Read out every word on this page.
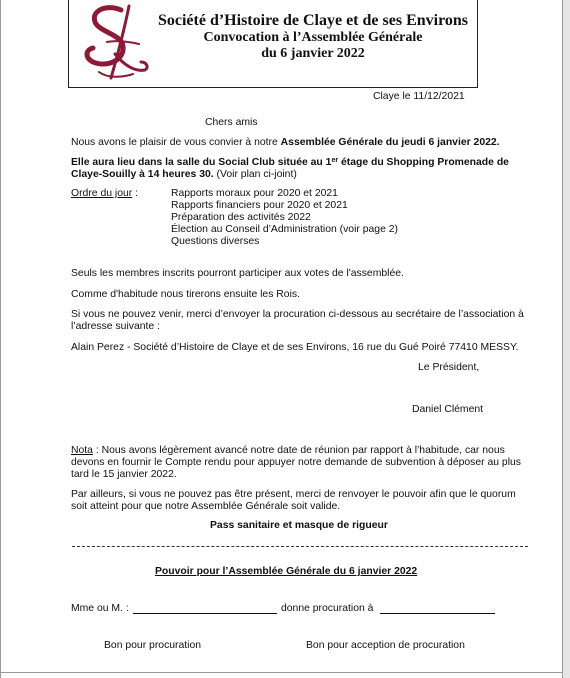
Société d’Histoire de Claye et de ses Environs
Convocation à l’Assemblée Générale
du 6 janvier 2022
Claye le 11/12/2021
Chers amis
Nous avons le plaisir de vous convier à notre Assemblée Générale du jeudi 6 janvier 2022.
Elle aura lieu dans la salle du Social Club située au 1er étage du Shopping Promenade de
Claye-Souilly à 14 heures 30. (Voir plan ci-joint)
Ordre du jour :	Rapports moraux pour 2020 et 2021
Rapports financiers pour 2020 et 2021
Préparation des activités 2022
Élection au Conseil d’Administration (voir page 2)
Questions diverses
Seuls les membres inscrits pourront participer aux votes de l'assemblée.
Comme d'habitude nous tirerons ensuite les Rois.
Si vous ne pouvez venir, merci d’envoyer la procuration ci-dessous au secrétaire de l’association à
l’adresse suivante :
Alain Perez - Société d’Histoire de Claye et de ses Environs, 16 rue du Gué Poiré 77410 MESSY.
Le Président,
Daniel Clément
Nota : Nous avons légèrement avancé notre date de réunion par rapport à l’habitude, car nous
devons en fournir le Compte rendu pour appuyer notre demande de subvention à déposer au plus
tard le 15 janvier 2022.
Par ailleurs, si vous ne pouvez pas être présent, merci de renvoyer le pouvoir afin que le quorum
soit atteint pour que notre Assemblée Générale soit valide.
Pass sanitaire et masque de rigueur
Pouvoir pour l’Assemblée Générale du 6 janvier 2022
Mme ou M. :	donne procuration à
Bon pour procuration	Bon pour acception de procuration
